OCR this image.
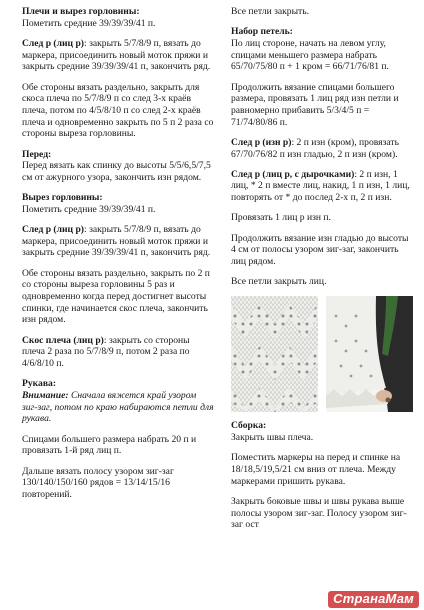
Плечи и вырез горловины:
Пометить средние 39/39/39/41 п.

След р (лиц р): закрыть 5/7/8/9 п, вязать до маркера, присоединить новый моток пряжи и закрыть средние 39/39/39/41 п, закончить ряд.

Обе стороны вязать раздельно, закрыть для скоса плеча по 5/7/8/9 п со след 3-х краёв плеча, потом по 4/5/8/10 п со след 2-х краёв плеча и одновременно закрыть по 5 п 2 раза со стороны выреза горловины.

Перед:
Перед вязать как спинку до высоты 5/5/6,5/7,5 см от ажурного узора, закончить изн рядом.

Вырез горловины:
Пометить средние 39/39/39/41 п.

След р (лиц р): закрыть 5/7/8/9 п, вязать до маркера, присоединить новый моток пряжи и закрыть средние 39/39/39/41 п, закончить ряд.

Обе стороны вязать раздельно, закрыть по 2 п со стороны выреза горловины 5 раз и одновременно когда перед достигнет высоты спинки, где начинается скос плеча, закончить изн рядом.

Скос плеча (лиц р): закрыть со стороны плеча 2 раза по 5/7/8/9 п, потом 2 раза по 4/6/8/10 п.

Рукава:
Внимание: Сначала вяжется край узором зиг-заг, потом по краю набираются петли для рукава.

Спицами большего размера набрать 20 п и провязать 1-й ряд лиц п.

Дальше вязать полосу узором зиг-заг 130/140/150/160 рядов = 13/14/15/16 повторений.

Все петли закрыть.

Набор петель:
По лиц стороне, начать на левом углу, спицами меньшего размера набрать 65/70/75/80 п + 1 кром = 66/71/76/81 п.

Продолжить вязание спицами большего размера, провязать 1 лиц ряд изн петли и равномерно прибавить 5/3/4/5 п = 71/74/80/86 п.

След р (изн р): 2 п изн (кром), провязать 67/70/76/82 п изн гладью, 2 п изн (кром).

След р (лиц р, с дырочками): 2 п изн, 1 лиц, * 2 п вместе лиц, накид, 1 п изн, 1 лиц, повторять от * до послед 2-х п, 2 п изн.

Провязать 1 лиц р изн п.

Продолжить вязание изн гладью до высоты 4 см от полосы узором зиг-заг, закончить лиц рядом.

Все петли закрыть лиц.

Сборка:
Закрыть швы плеча.

Поместить маркеры на перед и спинке на 18/18,5/19,5/21 см вниз от плеча. Между маркерами пришить рукава.

Закрыть боковые швы и швы рукава выше полосы узором зиг-заг. Полосу узором зиг-заг ост

СтранаМам
